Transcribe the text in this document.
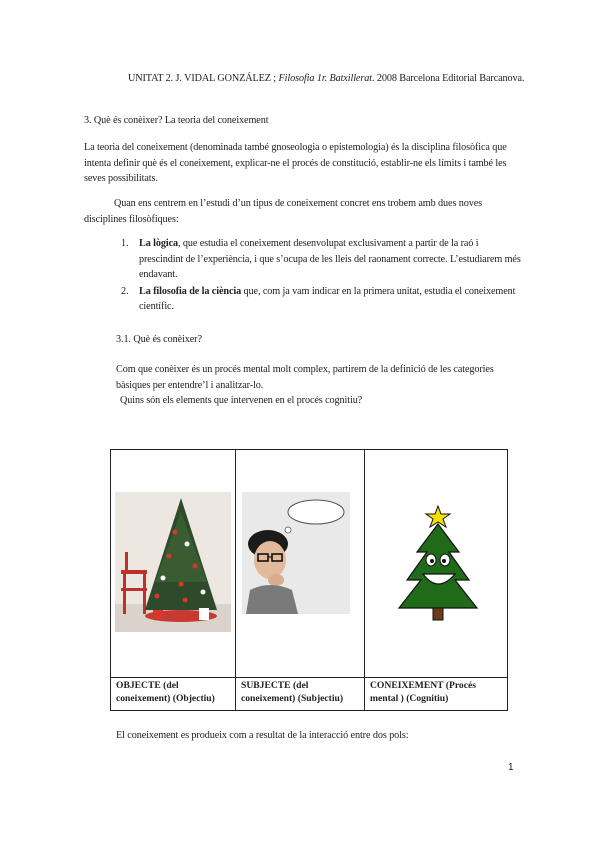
UNITAT 2. J. VIDAL GONZÁLEZ ; Filosofia 1r. Batxillerat. 2008 Barcelona Editorial Barcanova.
3. Què és conèixer? La teoria del coneixement
La teoria del coneixement (denominada també gnoseologia o epistemologia) és la disciplina filosòfica que intenta definir què és el coneixement, explicar-ne el procés de constitució, establir-ne els límits i també les seves possibilitats.
Quan ens centrem en l’estudi d’un tipus de coneixement concret ens trobem amb dues noves disciplines filosòfiques:
1. La lògica, que estudia el coneixement desenvolupat exclusivament a partir de la raó i prescindint de l’experiència, i que s’ocupa de les lleis del raonament correcte. L’estudiarem més endavant.
2. La filosofia de la ciència que, com ja vam indicar en la primera unitat, estudia el coneixement científic.
3.1. Què és conèixer?
Com que conèixer és un procés mental molt complex, partirem de la definició de les categories bàsiques per entendre’l i analitzar-lo.
Quins són els elements que intervenen en el procés cognitiu?

OBJECTE (del coneixement) (Objectiu)	SUBJECTE (del coneixement) (Subjectiu)	CONEIXEMENT (Procés mental ) (Cognitiu)
El coneixement es produeix com a resultat de la interacció entre dos pols:
1
